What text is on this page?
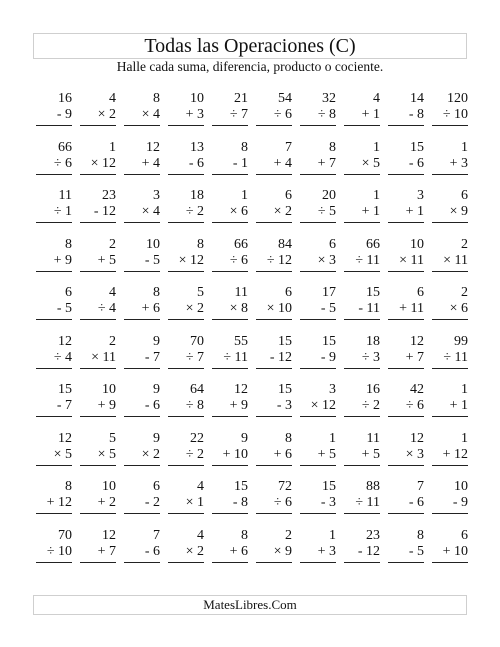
Todas las Operaciones (C)
Halle cada suma, diferencia, producto o cociente.
16
- 9
4
× 2
8
× 4
10
+ 3
21
÷ 7
54
÷ 6
32
÷ 8
4
+ 1
14
- 8
120
÷ 10
66
÷ 6
1
× 12
12
+ 4
13
- 6
8
- 1
7
+ 4
8
+ 7
1
× 5
15
- 6
1
+ 3
11
÷ 1
23
- 12
3
× 4
18
÷ 2
1
× 6
6
× 2
20
÷ 5
1
+ 1
3
+ 1
6
× 9
8
+ 9
2
+ 5
10
- 5
8
× 12
66
÷ 6
84
÷ 12
6
× 3
66
÷ 11
10
× 11
2
× 11
6
- 5
4
÷ 4
8
+ 6
5
× 2
11
× 8
6
× 10
17
- 5
15
- 11
6
+ 11
2
× 6
12
÷ 4
2
× 11
9
- 7
70
÷ 7
55
÷ 11
15
- 12
15
- 9
18
÷ 3
12
+ 7
99
÷ 11
15
- 7
10
+ 9
9
- 6
64
÷ 8
12
+ 9
15
- 3
3
× 12
16
÷ 2
42
÷ 6
1
+ 1
12
× 5
5
× 5
9
× 2
22
÷ 2
9
+ 10
8
+ 6
1
+ 5
11
+ 5
12
× 3
1
+ 12
8
+ 12
10
+ 2
6
- 2
4
× 1
15
- 8
72
÷ 6
15
- 3
88
÷ 11
7
- 6
10
- 9
70
÷ 10
12
+ 7
7
- 6
4
× 2
8
+ 6
2
× 9
1
+ 3
23
- 12
8
- 5
6
+ 10
MatesLibres.Com
